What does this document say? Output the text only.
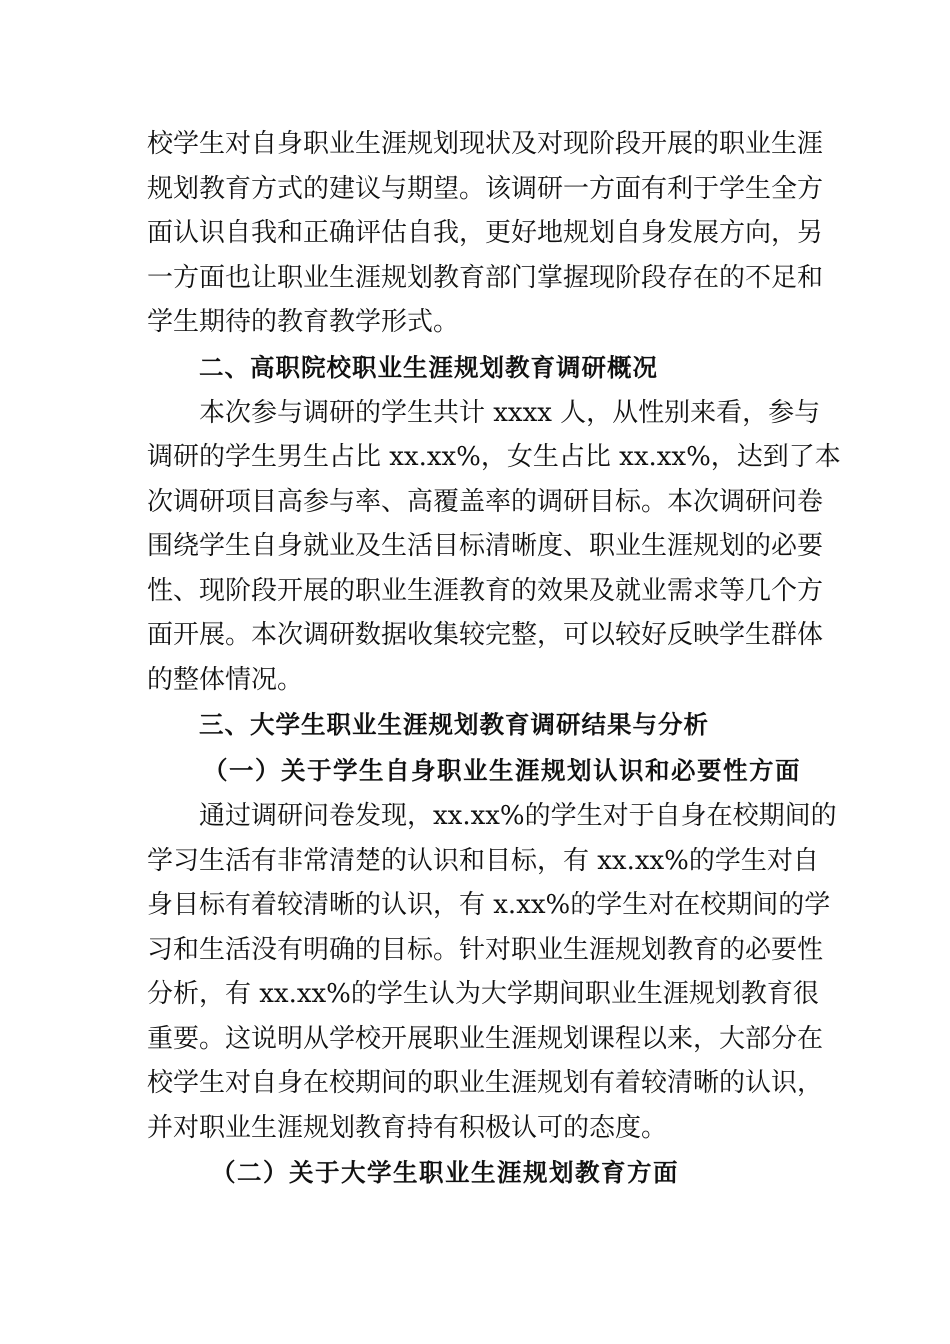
校学生对自身职业生涯规划现状及对现阶段开展的职业生涯
规划教育方式的建议与期望。该调研一方面有利于学生全方
面认识自我和正确评估自我，更好地规划自身发展方向，另
一方面也让职业生涯规划教育部门掌握现阶段存在的不足和
学生期待的教育教学形式。
二、高职院校职业生涯规划教育调研概况
本次参与调研的学生共计 xxxx 人，从性别来看，参与
调研的学生男生占比 xx.xx%，女生占比 xx.xx%，达到了本
次调研项目高参与率、高覆盖率的调研目标。本次调研问卷
围绕学生自身就业及生活目标清晰度、职业生涯规划的必要
性、现阶段开展的职业生涯教育的效果及就业需求等几个方
面开展。本次调研数据收集较完整，可以较好反映学生群体
的整体情况。
三、大学生职业生涯规划教育调研结果与分析
（一）关于学生自身职业生涯规划认识和必要性方面
通过调研问卷发现，xx.xx%的学生对于自身在校期间的
学习生活有非常清楚的认识和目标，有 xx.xx%的学生对自
身目标有着较清晰的认识，有 x.xx%的学生对在校期间的学
习和生活没有明确的目标。针对职业生涯规划教育的必要性
分析，有 xx.xx%的学生认为大学期间职业生涯规划教育很
重要。这说明从学校开展职业生涯规划课程以来，大部分在
校学生对自身在校期间的职业生涯规划有着较清晰的认识，
并对职业生涯规划教育持有积极认可的态度。
（二）关于大学生职业生涯规划教育方面
